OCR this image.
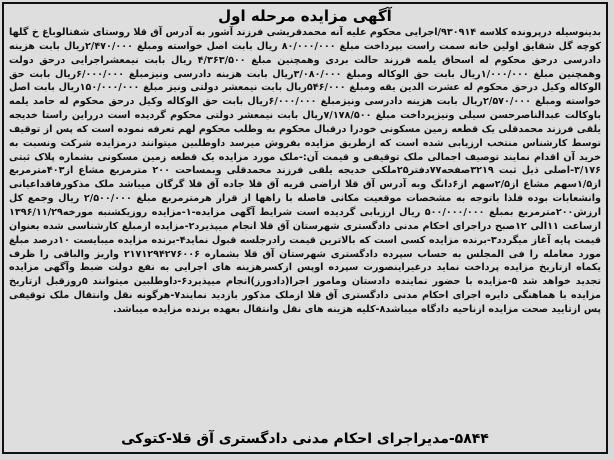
آگهی مزایده مرحله اول

بدینوسیله درپرونده کلاسه ۹۳۰۹۱۴/اجرایی محکوم علیه آنه محمدقریشی فرزند آشور به آدرس آق قلا روستای شفتالوباغ خ گلها کوچه گل شقایق اولین خانه سمت راست بپرداخت مبلغ ۸۰/۰۰۰/۰۰۰ ریال بابت اصل خواسته ومبلغ ۲/۴۷۰/۰۰۰ریال بابت هزینه دادرسی درحق محکوم له اسحاق یلمه فرزند حالت بردی وهمچنین مبلغ ۴/۳۶۳/۵۰۰ ریال بابت نیمعشراجرایی درحق دولت وهمچنین مبلغ ۱/۰۰۰/۰۰۰ریال بابت حق الوکاله ومبلغ ۳/۰۸۰/۰۰۰ریال بابت هزینه دادرسی ونیزمبلغ ۶/۰۰۰/۰۰۰ریال بابت حق الوکاله وکیل درحق محکوم له عشرت الدین یقه ومبلغ ۵۴۶/۰۰۰ریال بابت نیمعشر دولتی ونیز مبلغ ۱۵۰/۰۰۰/۰۰۰ریال بابت اصل خواسته ومبلغ ۲/۵۷۰/۰۰۰ریال بابت هزینه دادرسی ونیزمبلغ ۶/۰۰۰/۰۰۰ریال بابت حق الوکاله وکیل درحق محکوم له حامد یلمه باوکالت عبدالناصرحسن سیلی ونیزپرداخت مبلغ ۷/۱۷۸/۵۰۰ریال بابت نیمعشر دولتی محکوم گردیده است درراین راستا خدیجه یلقی فرزند محمدقلی یک قطعه زمین مسکونی خودرا درقبال محکوم به وطلب محکوم لهم تعرفه نموده است که پس از توقیف توسط کارشناس منتخب ارزیابی شده است که ازطریق مزایده بفروش میرسد داوطلبین میتوانند درمزایده شرکت ونسبت به خرید آن اقدام نمایند توصیف اجمالی ملک توقیفی و قیمت آن:-ملک مورد مزایده یک قطعه زمین مسکونی بشماره پلاک ثبتی ۳/۱۷۶-اصلی ذیل ثبت ۳۲۱۹صفحه۷۷دفتر۲۵ملکی خدیجه یلقی فرزند محمدقلی وبمساحت ۲۰۰ مترمربع مشاع از۴۰۳مترمربع از۱/۵سهم مشاع از۲/۵سهم از۶دانگ وبه آدرس آق قلا اراضی قریه آق قلا جاده آق قلا گرگان میباشد ملک مذکورفاقداعیانی وانشعابات بوده فلذا باتوجه به مشخصات موقعیت مکانی فاصله با راهها از قرار هرمترمربع مبلغ ۲/۵۰۰/۰۰۰ ریال وجمع کل ارزش۲۰۰مترمربع بمبلغ ۵۰۰/۰۰۰/۰۰۰ ریال ارزیابی گردیده است شرایط آگهی مزایده-۱-مزایده روزیکشنبه مورخه۱۳۹۶/۱۱/۲۹ ازساعت ۱۱الی ۱۲صبح دراجرای احکام مدنی دادگستری شهرستان آق قلا انجام میپذیرد۲-مزایده ازمبلغ کارشناسی شده بعنوان قیمت پایه آغاز میگردد۳-برنده مزایده کسی است که بالاترین قیمت رادرجلسه قبول نماید۴-برنده مزایده میبایست ۱۰درصد مبلغ مورد معامله را فی المجلس به حساب سپرده دادگستری شهرستان آق قلا بشماره ۲۱۷۱۲۹۴۲۷۶۰۰۶ واریز والباقی را ظرف یکماه ازتاریخ مزایده پرداخت نماید درغیراینصورت سپرده اوپس ازکسرهزینه های اجرایی به نفع دولت ضبط وآگهی مزایده تجدید خواهد شد ۵-مزایده با حضور نماینده دادستان ومامور اجرا(دادورز)انجام میپذیرد۶-داوطلبین میتوانند ۵روزقبل ازتاریخ مزایده با هماهنگی دایره اجرای احکام مدنی دادگستری آق قلا ازملک مذکور بازدید نمایند۷-هرگونه نقل وانتقال ملک توقیفی پس ازتایید صحت مزایده ازناحیه دادگاه میباشد۸-کلیه هزینه های نقل وانتقال بعهده برنده مزایده میباشد.

۵۸۴۴-مدیراجرای احکام مدنی دادگستری آق قلا-کتوکی
